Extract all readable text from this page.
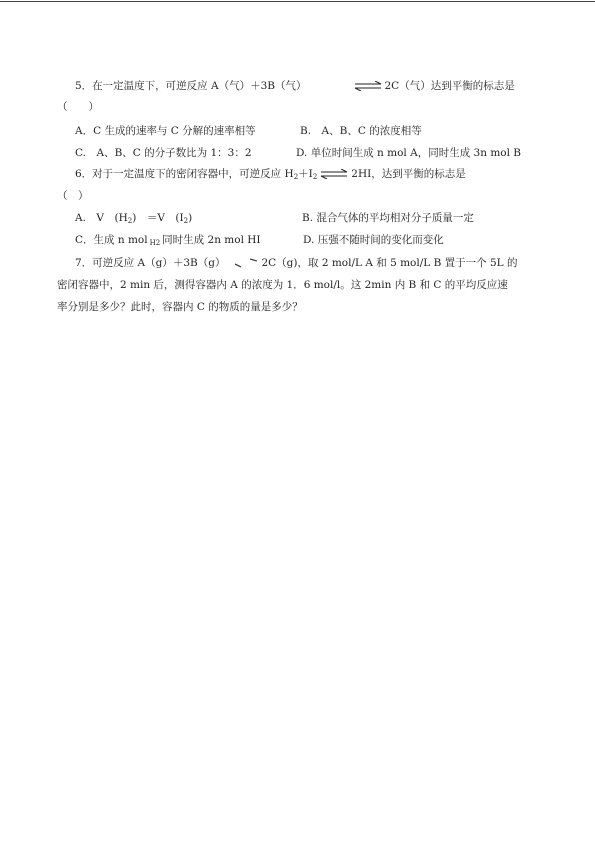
5．在一定温度下，可逆反应 A（气）＋3B（气）	⇌ 2C（气）达到平衡的标志是
（　　）
A．C 生成的速率与 C 分解的速率相等	B.　A、B、C 的浓度相等
C.　A、B、C 的分子数比为 1：3：2	D. 单位时间生成 n mol A，同时生成 3n mol B
6．对于一定温度下的密闭容器中，可逆反应 $H_2+I_2$ ⇌ 2HI，达到平衡的标志是
（　）
A.　V　$(H_2)$　＝V　$(I_2)$	B. 混合气体的平均相对分子质量一定
C．生成 n mol $_{H2}$ 同时生成 2n mol HI	D. 压强不随时间的变化而变化
7．可逆反应 A（g）＋3B（g）	2C（g)，取 2 mol/L A 和 5 mol/L B 置于一个 5L 的
密闭容器中，2 min 后，测得容器内 A 的浓度为 1．6 mol/l。这 2min 内 B 和 C 的平均反应速
率分别是多少？此时，容器内 C 的物质的量是多少？
